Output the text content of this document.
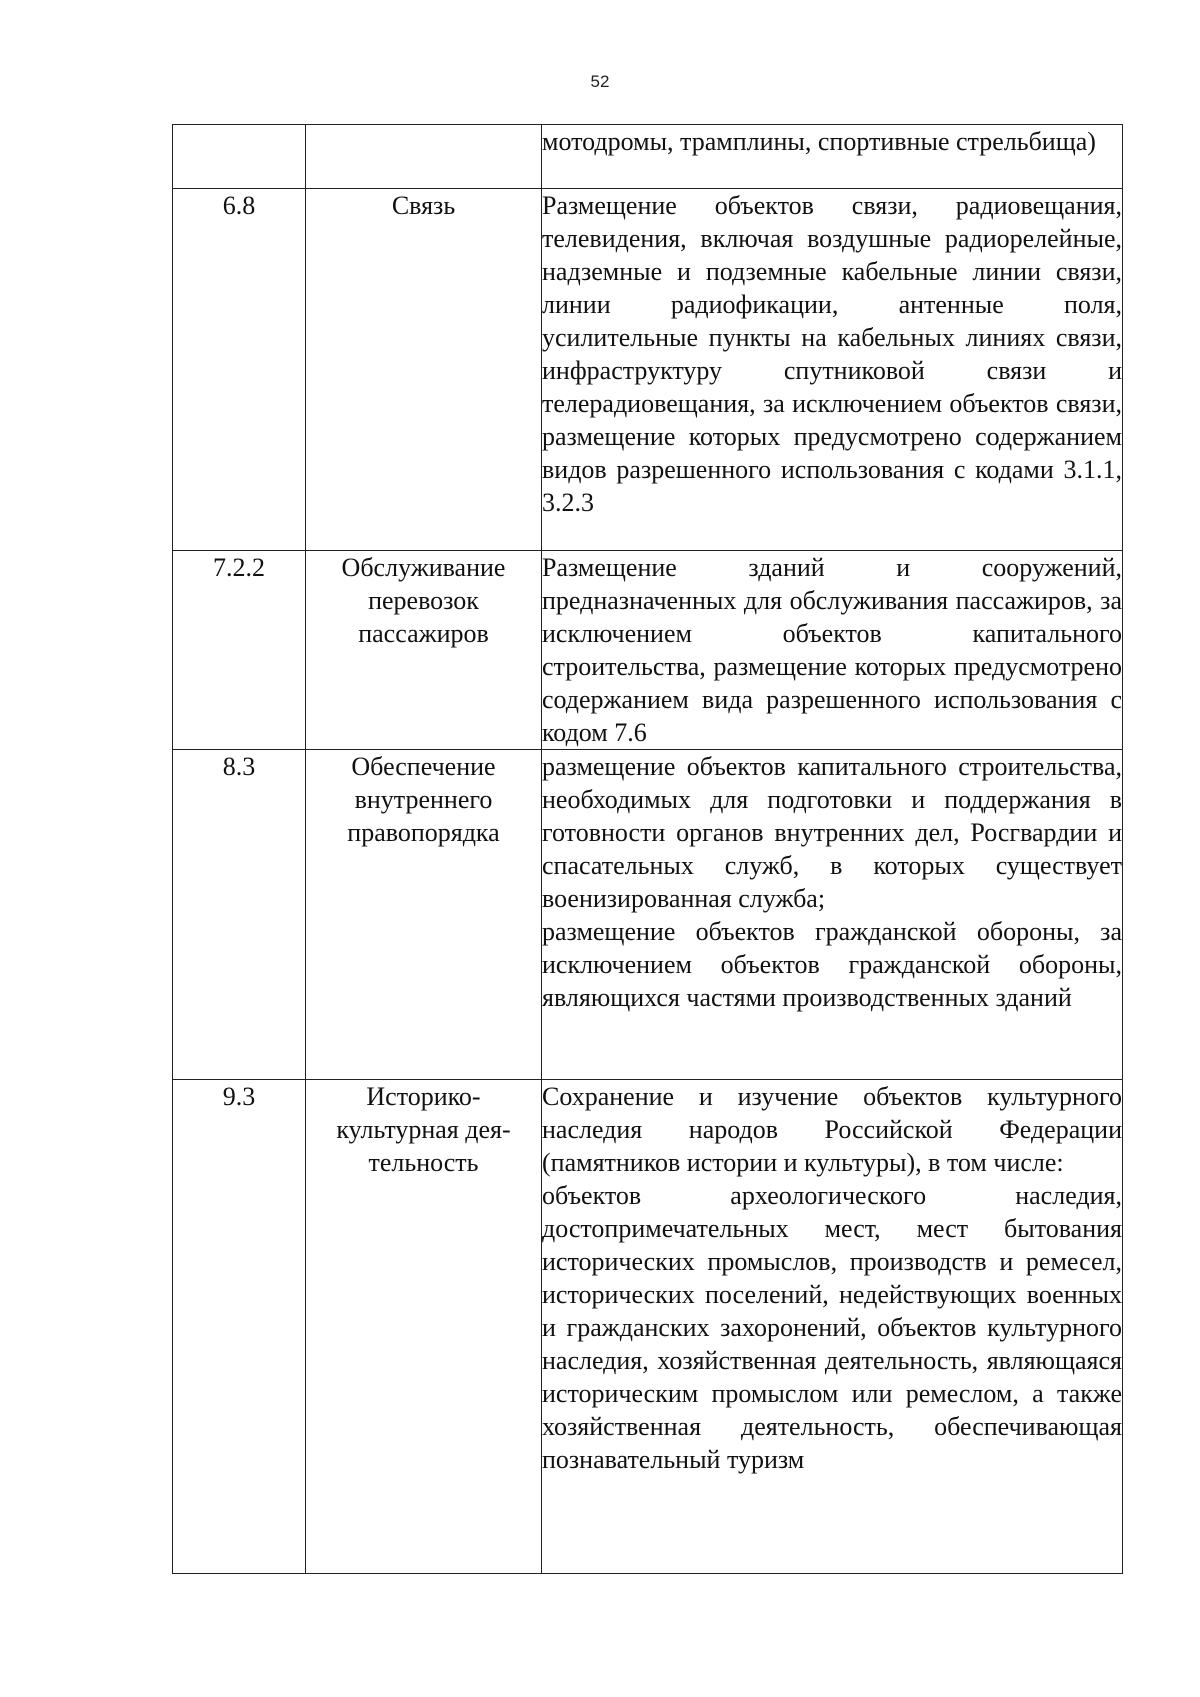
52

		мотодромы, трамплины, спортивные стрельбища)

6.8	Связь	Размещение объектов связи, радиовещания, телевидения, включая воздушные радиорелейные, надземные и подземные кабельные линии связи, линии радиофикации, антенные поля, усилительные пункты на кабельных линиях связи, инфраструктуру спутниковой связи и телерадиовещания, за исключением объектов связи, размещение которых предусмотрено содержанием видов разрешенного использования с кодами 3.1.1, 3.2.3

7.2.2	Обслуживание перевозок пассажиров	Размещение зданий и сооружений, предназначенных для обслуживания пассажиров, за исключением объектов капитального строительства, размещение которых предусмотрено содержанием вида разрешенного использования с кодом 7.6

8.3	Обеспечение внутреннего правопорядка	размещение объектов капитального строительства, необходимых для подготовки и поддержания в готовности органов внутренних дел, Росгвардии и спасательных служб, в которых существует военизированная служба;

размещение объектов гражданской обороны, за исключением объектов гражданской обороны, являющихся частями производственных зданий

9.3	Историко-культурная дея-тельность	Сохранение и изучение объектов культурного наследия народов Российской Федерации (памятников истории и культуры), в том числе:

объектов археологического наследия, достопримечательных мест, мест бытования исторических промыслов, производств и ремесел, исторических поселений, недействующих военных и гражданских захоронений, объектов культурного наследия, хозяйственная деятельность, являющаяся историческим промыслом или ремеслом, а также хозяйственная деятельность, обеспечивающая познавательный туризм
